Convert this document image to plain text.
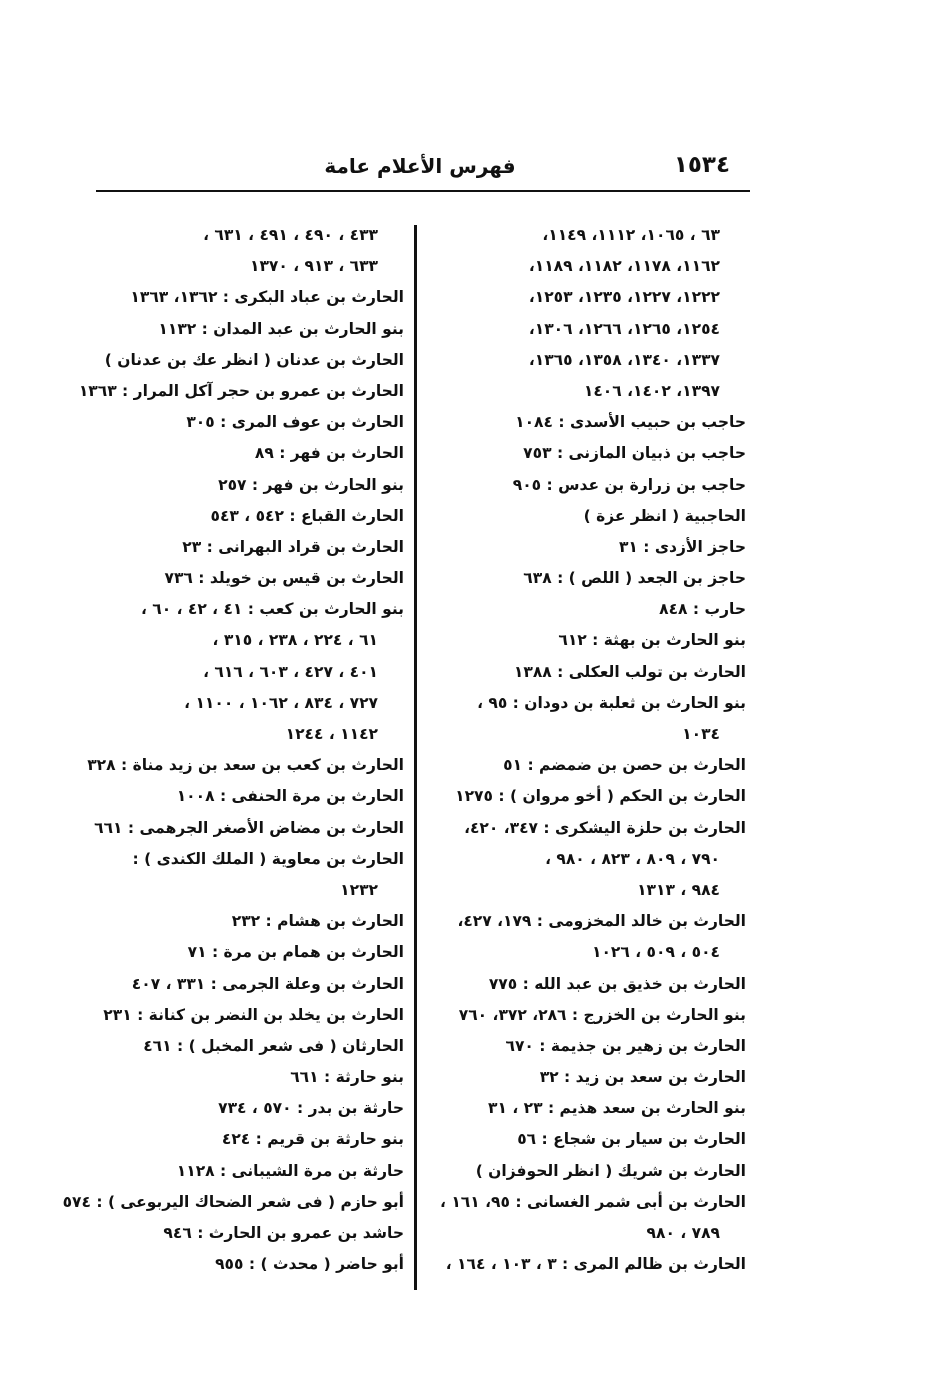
١٥٣٤
فهرس الأعلام عامة
٦٣ ، ١٠٦٥، ١١١٢، ١١٤٩،
١١٦٢، ١١٧٨، ١١٨٢، ١١٨٩،
١٢٢٢، ١٢٢٧، ١٢٣٥، ١٢٥٣،
١٢٥٤، ١٢٦٥، ١٢٦٦، ١٣٠٦،
١٣٣٧، ١٣٤٠، ١٣٥٨، ١٣٦٥،
١٣٩٧، ١٤٠٢، ١٤٠٦
حاجب بن حبيب الأسدى : ١٠٨٤
حاجب بن ذبيان المازنى : ٧٥٣
حاجب بن زرارة بن عدس : ٩٠٥
الحاجبية ( انظر عزة )
حاجز الأزدى : ٣١
حاجز بن الجعد ( اللص ) : ٦٣٨
حارب : ٨٤٨
بنو الحارث بن بهثة : ٦١٢
الحارث بن تولب العكلى : ١٣٨٨
بنو الحارث بن ثعلبة بن دودان : ٩٥ ،
١٠٣٤
الحارث بن حصن بن ضمضم : ٥١
الحارث بن الحكم ( أخو مروان ) : ١٢٧٥
الحارث بن حلزة اليشكرى : ٣٤٧، ٤٢٠،
٧٩٠ ، ٨٠٩ ، ٨٢٣ ، ٩٨٠ ،
٩٨٤ ، ١٣١٣
الحارث بن خالد المخزومى : ١٧٩، ٤٢٧،
٥٠٤ ، ٥٠٩ ، ١٠٢٦
الحارث بن خذيق بن عبد الله : ٧٧٥
بنو الحارث بن الخزرج : ٢٨٦، ٣٧٢، ٧٦٠
الحارث بن زهير بن جذيمة : ٦٧٠
الحارث بن سعد بن زيد : ٣٢
بنو الحارث بن سعد هذيم : ٢٣ ، ٣١
الحارث بن سيار بن شجاع : ٥٦
الحارث بن شريك ( انظر الحوفزان )
الحارث بن أبى شمر الغسانى : ٩٥، ١٦١ ،
٧٨٩ ، ٩٨٠
الحارث بن ظالم المرى : ٣ ، ١٠٣ ، ١٦٤ ،
٤٣٣ ، ٤٩٠ ، ٤٩١ ، ٦٣١ ،
٦٣٣ ، ٩١٣ ، ١٣٧٠
الحارث بن عباد البكرى : ١٣٦٢، ١٣٦٣
بنو الحارث بن عبد المدان : ١١٣٢
الحارث بن عدنان ( انظر عك بن عدنان )
الحارث بن عمرو بن حجر آكل المرار : ١٣٦٣
الحارث بن عوف المرى : ٣٠٥
الحارث بن فهر : ٨٩
بنو الحارث بن فهر : ٢٥٧
الحارث القباع : ٥٤٢ ، ٥٤٣
الحارث بن قراد البهرانى : ٢٣
الحارث بن قيس بن خويلد : ٧٣٦
بنو الحارث بن كعب : ٤١ ، ٤٢ ، ٦٠ ،
٦١ ، ٢٢٤ ، ٢٣٨ ، ٣١٥ ،
٤٠١ ، ٤٢٧ ، ٦٠٣ ، ٦١٦ ،
٧٢٧ ، ٨٣٤ ، ١٠٦٢ ، ١١٠٠ ،
١١٤٢ ، ١٢٤٤
الحارث بن كعب بن سعد بن زيد مناة : ٣٢٨
الحارث بن مرة الحنفى : ١٠٠٨
الحارث بن مضاض الأصغر الجرهمى : ٦٦١
الحارث بن معاوية ( الملك الكندى ) :
١٢٣٢
الحارث بن هشام : ٢٣٢
الحارث بن همام بن مرة : ٧١
الحارث بن وعلة الجرمى : ٣٣١ ، ٤٠٧
الحارث بن يخلد بن النضر بن كنانة : ٢٣١
الحارثان ( فى شعر المخبل ) : ٤٦١
بنو حارثة : ٦٦١
حارثة بن بدر : ٥٧٠ ، ٧٣٤
بنو حارثة بن قريم : ٤٢٤
حارثة بن مرة الشيبانى : ١١٢٨
أبو حازم ( فى شعر الضحاك اليربوعى ) : ٥٧٤
حاشد بن عمرو بن الحارث : ٩٤٦
أبو حاضر ( محدث ) : ٩٥٥
